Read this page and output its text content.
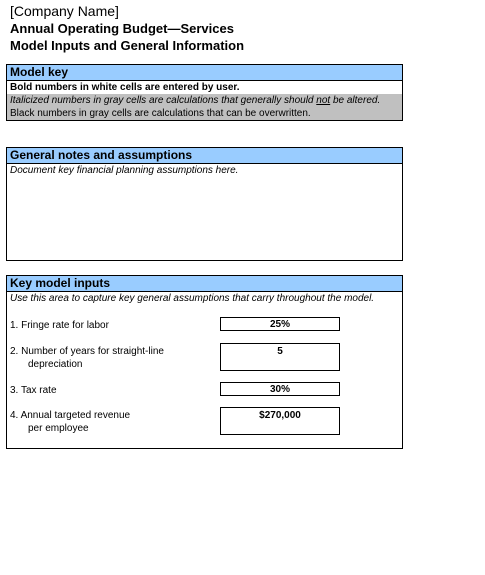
[Company Name]
Annual Operating Budget—Services
Model Inputs and General Information
Model key
Bold numbers in white cells are entered by user.
Italicized numbers in gray cells are calculations that generally should not be altered.
Black numbers in gray cells are calculations that can be overwritten.
General notes and assumptions
Document key financial planning assumptions here.
Key model inputs
Use this area to capture key general assumptions that carry throughout the model.
1. Fringe rate for labor
25%
2. Number of years for straight-line
depreciation
5
3. Tax rate
30%
4. Annual targeted revenue
per employee
$270,000
